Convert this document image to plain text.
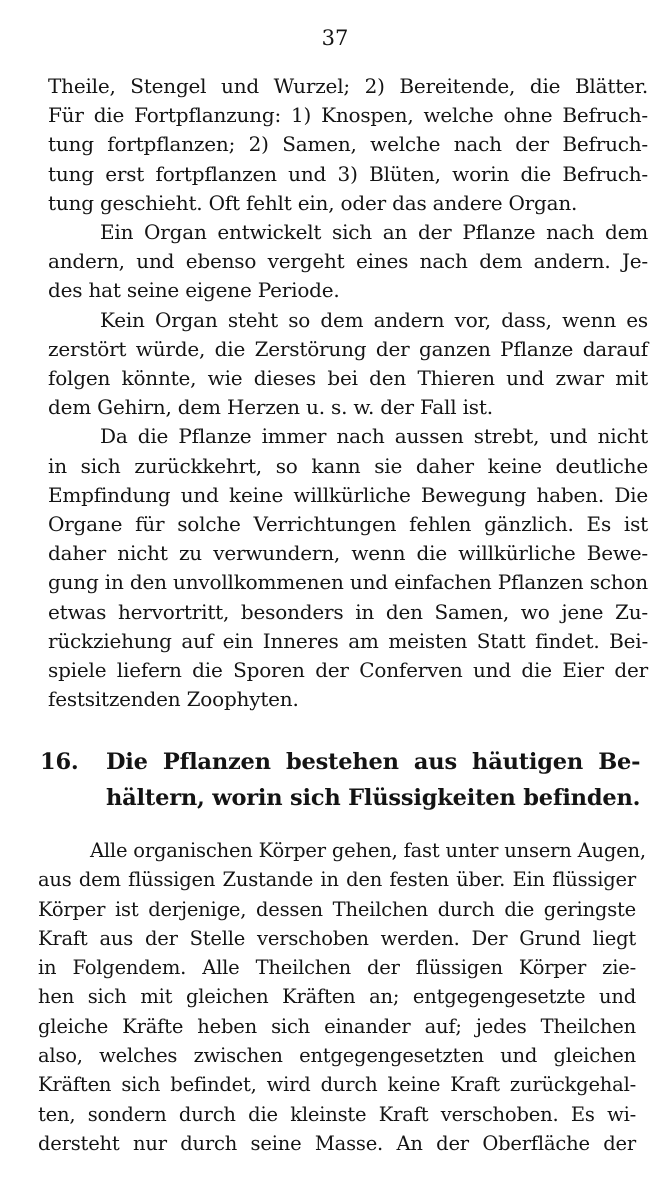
37
Theile, Stengel und Wurzel; 2) Bereitende, die Blätter.
Für die Fortpflanzung: 1) Knospen, welche ohne Befruch-
tung fortpflanzen; 2) Samen, welche nach der Befruch-
tung erst fortpflanzen und 3) Blüten, worin die Befruch-
tung geschieht. Oft fehlt ein, oder das andere Organ.
Ein Organ entwickelt sich an der Pflanze nach dem
andern, und ebenso vergeht eines nach dem andern. Je-
des hat seine eigene Periode.
Kein Organ steht so dem andern vor, dass, wenn es
zerstört würde, die Zerstörung der ganzen Pflanze darauf
folgen könnte, wie dieses bei den Thieren und zwar mit
dem Gehirn, dem Herzen u. s. w. der Fall ist.
Da die Pflanze immer nach aussen strebt, und nicht
in sich zurückkehrt, so kann sie daher keine deutliche
Empfindung und keine willkürliche Bewegung haben. Die
Organe für solche Verrichtungen fehlen gänzlich. Es ist
daher nicht zu verwundern, wenn die willkürliche Bewe-
gung in den unvollkommenen und einfachen Pflanzen schon
etwas hervortritt, besonders in den Samen, wo jene Zu-
rückziehung auf ein Inneres am meisten Statt findet. Bei-
spiele liefern die Sporen der Conferven und die Eier der
festsitzenden Zoophyten.
16.	Die Pflanzen bestehen aus häutigen Be-
hältern, worin sich Flüssigkeiten befinden.
Alle organischen Körper gehen, fast unter unsern Augen,
aus dem flüssigen Zustande in den festen über. Ein flüssiger
Körper ist derjenige, dessen Theilchen durch die geringste
Kraft aus der Stelle verschoben werden. Der Grund liegt
in Folgendem. Alle Theilchen der flüssigen Körper zie-
hen sich mit gleichen Kräften an; entgegengesetzte und
gleiche Kräfte heben sich einander auf; jedes Theilchen
also, welches zwischen entgegengesetzten und gleichen
Kräften sich befindet, wird durch keine Kraft zurückgehal-
ten, sondern durch die kleinste Kraft verschoben. Es wi-
dersteht nur durch seine Masse. An der Oberfläche der
